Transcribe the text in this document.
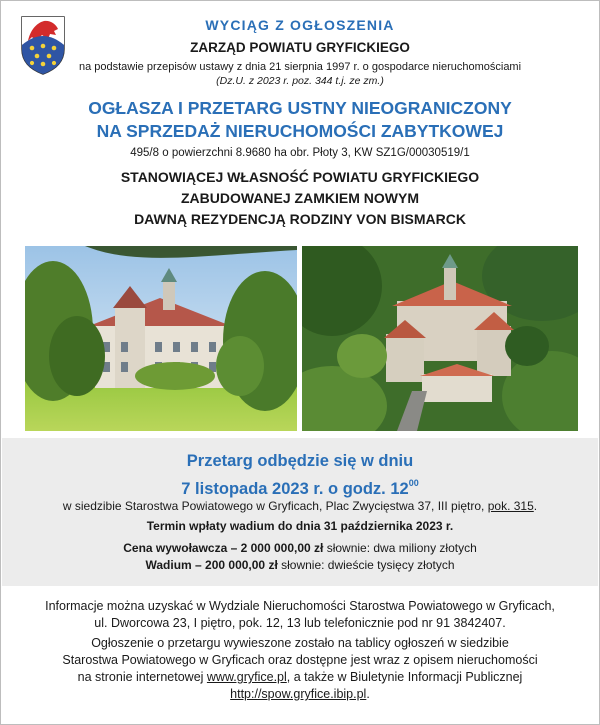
WYCIĄG Z OGŁOSZENIA
ZARZĄD POWIATU GRYFICKIEGO
na podstawie przepisów ustawy z dnia 21 sierpnia 1997 r. o gospodarce nieruchomościami
(Dz.U. z 2023 r. poz. 344 t.j. ze zm.)
OGŁASZA I PRZETARG USTNY NIEOGRANICZONY
NA SPRZEDAŻ NIERUCHOMOŚCI ZABYTKOWEJ
495/8 o powierzchni 8.9680 ha obr. Płoty 3, KW SZ1G/00030519/1
STANOWIĄCEJ WŁASNOŚĆ POWIATU GRYFICKIEGO
ZABUDOWANEJ ZAMKIEM NOWYM
DAWNĄ REZYDENCJĄ RODZINY VON BISMARCK
Przetarg odbędzie się w dniu
7 listopada 2023 r. o godz. $12^{00}$
w siedzibie Starostwa Powiatowego w Gryficach, Plac Zwycięstwa 37, III piętro, pok. 315.
Termin wpłaty wadium do dnia 31 października 2023 r.
Cena wywoławcza – 2 000 000,00 zł słownie: dwa miliony złotych
Wadium – 200 000,00 zł słownie: dwieście tysięcy złotych
Informacje można uzyskać w Wydziale Nieruchomości Starostwa Powiatowego w Gryficach,
ul. Dworcowa 23, I piętro, pok. 12, 13 lub telefonicznie pod nr 91 3842407.
Ogłoszenie o przetargu wywieszone zostało na tablicy ogłoszeń w siedzibie
Starostwa Powiatowego w Gryficach oraz dostępne jest wraz z opisem nieruchomości
na stronie internetowej www.gryfice.pl, a także w Biuletynie Informacji Publicznej
http://spow.gryfice.ibip.pl.
